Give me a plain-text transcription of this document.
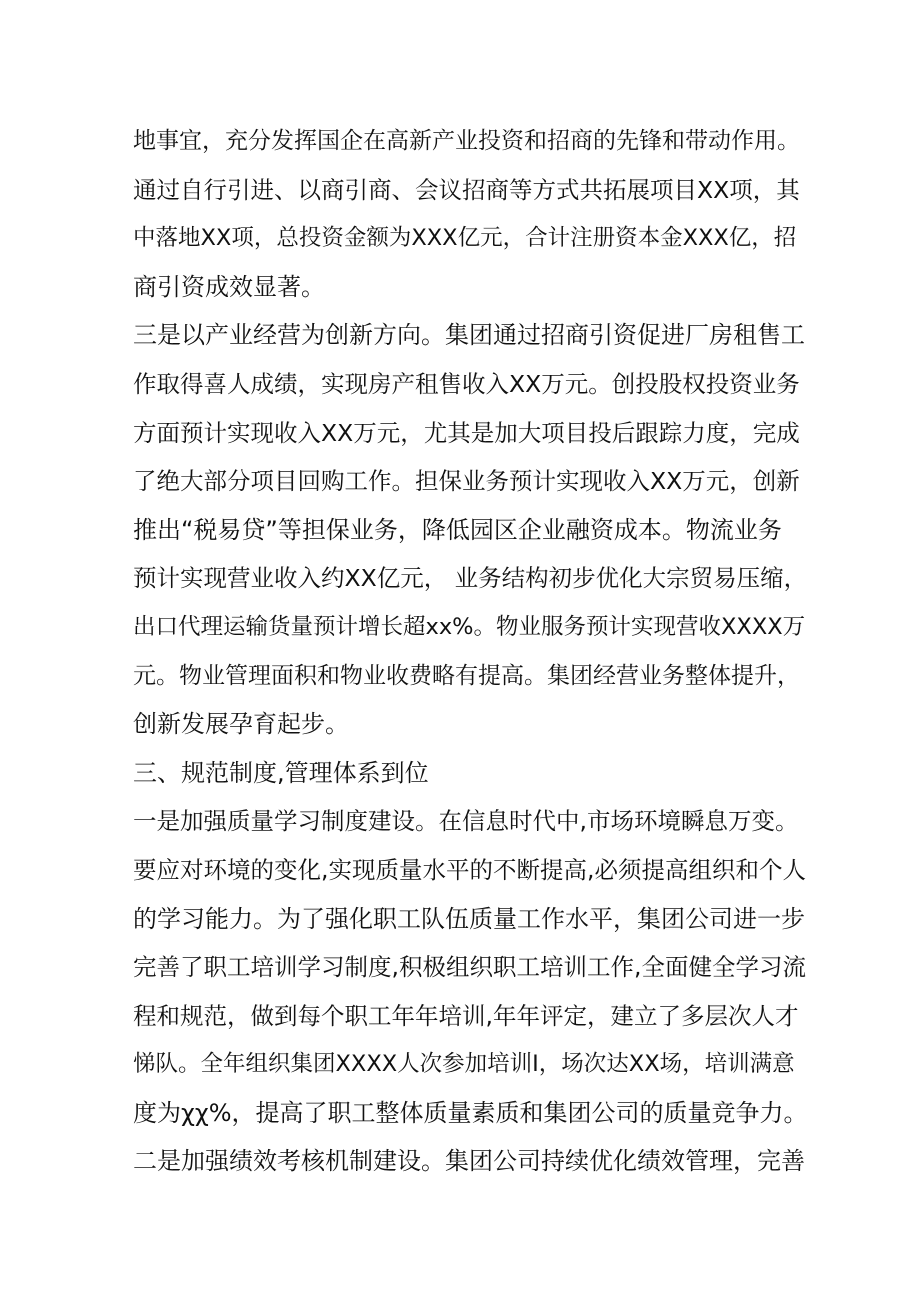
地事宜，充分发挥国企在高新产业投资和招商的先锋和带动作用。
通过自行引进、以商引商、会议招商等方式共拓展项目XX项，其
中落地XX项，总投资金额为XXX亿元，合计注册资本金XXX亿，招
商引资成效显著。
三是以产业经营为创新方向。集团通过招商引资促进厂房租售工
作取得喜人成绩，实现房产租售收入XX万元。创投股权投资业务
方面预计实现收入XX万元，尤其是加大项目投后跟踪力度，完成
了绝大部分项目回购工作。担保业务预计实现收入XX万元，创新
推出“税易贷”等担保业务，降低园区企业融资成本。物流业务
预计实现营业收入约XX亿元， 业务结构初步优化大宗贸易压缩，
出口代理运输货量预计增长超xx%。物业服务预计实现营收XXXX万
元。物业管理面积和物业收费略有提高。集团经营业务整体提升，
创新发展孕育起步。
三、规范制度,管理体系到位
一是加强质量学习制度建设。在信息时代中,市场环境瞬息万变。
要应对环境的变化,实现质量水平的不断提高,必须提高组织和个人
的学习能力。为了强化职工队伍质量工作水平，集团公司进一步
完善了职工培训学习制度,积极组织职工培训工作,全面健全学习流
程和规范，做到每个职工年年培训,年年评定，建立了多层次人才
悌队。全年组织集团XXXX人次参加培训I，场次达XX场，培训满意
度为χχ%，提高了职工整体质量素质和集团公司的质量竞争力。
二是加强绩效考核机制建设。集团公司持续优化绩效管理，完善
